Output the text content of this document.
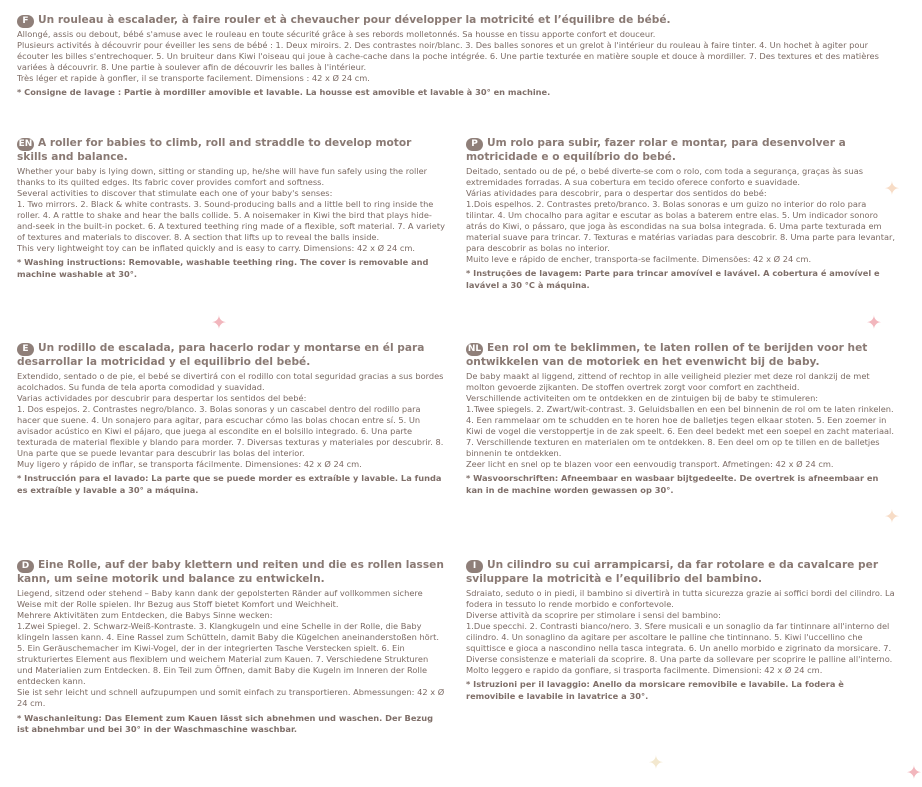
F Un rouleau à escalader, à faire rouler et à chevaucher pour développer la motricité et l’équilibre de bébé.

Allongé, assis ou debout, bébé s'amuse avec le rouleau en toute sécurité grâce à ses rebords molletonnés. Sa housse en tissu apporte confort et douceur.

Plusieurs activités à découvrir pour éveiller les sens de bébé : 1. Deux miroirs. 2. Des contrastes noir/blanc. 3. Des balles sonores et un grelot à l'intérieur du rouleau à faire tinter. 4. Un hochet à agiter pour écouter les billes s'entrechoquer. 5. Un bruiteur dans Kiwi l'oiseau qui joue à cache-cache dans la poche intégrée. 6. Une partie texturée en matière souple et douce à mordiller. 7. Des textures et des matières variées à découvrir. 8. Une partie à soulever afin de découvrir les balles à l'intérieur.

Très léger et rapide à gonfler, il se transporte facilement. Dimensions : 42 x Ø 24 cm.

* Consigne de lavage : Partie à mordiller amovible et lavable. La housse est amovible et lavable à 30° en machine.
EN A roller for babies to climb, roll and straddle to develop motor skills and balance.

Whether your baby is lying down, sitting or standing up, he/she will have fun safely using the roller thanks to its quilted edges. Its fabric cover provides comfort and softness.

Several activities to discover that stimulate each one of your baby's senses:

1. Two mirrors. 2. Black & white contrasts. 3. Sound-producing balls and a little bell to ring inside the roller. 4. A rattle to shake and hear the balls collide. 5. A noisemaker in Kiwi the bird that plays hide-and-seek in the built-in pocket. 6. A textured teething ring made of a flexible, soft material. 7. A variety of textures and materials to discover. 8. A section that lifts up to reveal the balls inside.

This very lightweight toy can be inflated quickly and is easy to carry. Dimensions: 42 x Ø 24 cm.

* Washing instructions: Removable, washable teething ring. The cover is removable and machine washable at 30°.
P Um rolo para subir, fazer rolar e montar, para desenvolver a motricidade e o equilíbrio do bebé.

Deitado, sentado ou de pé, o bebé diverte-se com o rolo, com toda a segurança, graças às suas extremidades forradas. A sua cobertura em tecido oferece conforto e suavidade.

Várias atividades para descobrir, para o despertar dos sentidos do bebé:

1.Dois espelhos. 2. Contrastes preto/branco. 3. Bolas sonoras e um guizo no interior do rolo para tilintar. 4. Um chocalho para agitar e escutar as bolas a baterem entre elas. 5. Um indicador sonoro atrás do Kiwi, o pássaro, que joga às escondidas na sua bolsa integrada. 6. Uma parte texturada em material suave para trincar. 7. Texturas e matérias variadas para descobrir. 8. Uma parte para levantar, para descobrir as bolas no interior.

Muito leve e rápido de encher, transporta-se facilmente. Dimensões: 42 x Ø 24 cm.

* Instruções de lavagem: Parte para trincar amovível e lavável. A cobertura é amovível e lavável a 30 °C à máquina.
E Un rodillo de escalada, para hacerlo rodar y montarse en él para desarrollar la motricidad y el equilibrio del bebé.

Extendido, sentado o de pie, el bebé se divertirá con el rodillo con total seguridad gracias a sus bordes acolchados. Su funda de tela aporta comodidad y suavidad.

Varias actividades por descubrir para despertar los sentidos del bebé:

1. Dos espejos. 2. Contrastes negro/blanco. 3. Bolas sonoras y un cascabel dentro del rodillo para hacer que suene. 4. Un sonajero para agitar, para escuchar cómo las bolas chocan entre sí. 5. Un avisador acústico en Kiwi el pájaro, que juega al escondite en el bolsillo integrado. 6. Una parte texturada de material flexible y blando para morder. 7. Diversas texturas y materiales por descubrir. 8. Una parte que se puede levantar para descubrir las bolas del interior.

Muy ligero y rápido de inflar, se transporta fácilmente. Dimensiones: 42 x Ø 24 cm.

* Instrucción para el lavado: La parte que se puede morder es extraíble y lavable. La funda es extraíble y lavable a 30° a máquina.
NL Een rol om te beklimmen, te laten rollen of te berijden voor het ontwikkelen van de motoriek en het evenwicht bij de baby.

De baby maakt al liggend, zittend of rechtop in alle veiligheid plezier met deze rol dankzij de met molton gevoerde zijkanten. De stoffen overtrek zorgt voor comfort en zachtheid.

Verschillende activiteiten om te ontdekken en de zintuigen bij de baby te stimuleren:

1.Twee spiegels. 2. Zwart/wit-contrast. 3. Geluidsballen en een bel binnenin de rol om te laten rinkelen. 4. Een rammelaar om te schudden en te horen hoe de balletjes tegen elkaar stoten. 5. Een zoemer in Kiwi de vogel die verstoppertje in de zak speelt. 6. Een deel bedekt met een soepel en zacht materiaal. 7. Verschillende texturen en materialen om te ontdekken. 8. Een deel om op te tillen en de balletjes binnenin te ontdekken.

Zeer licht en snel op te blazen voor een eenvoudig transport. Afmetingen: 42 x Ø 24 cm.

* Wasvoorschriften: Afneembaar en wasbaar bijtgedeelte. De overtrek is afneembaar en kan in de machine worden gewassen op 30°.
D Eine Rolle, auf der baby klettern und reiten und die es rollen lassen kann, um seine motorik und balance zu entwickeln.

Liegend, sitzend oder stehend – Baby kann dank der gepolsterten Ränder auf vollkommen sichere Weise mit der Rolle spielen. Ihr Bezug aus Stoff bietet Komfort und Weichheit.

Mehrere Aktivitäten zum Entdecken, die Babys Sinne wecken:

1.Zwei Spiegel. 2. Schwarz-Weiß-Kontraste. 3. Klangkugeln und eine Schelle in der Rolle, die Baby klingeln lassen kann. 4. Eine Rassel zum Schütteln, damit Baby die Kügelchen aneinanderstoßen hört. 5. Ein Geräuschemacher im Kiwi-Vogel, der in der integrierten Tasche Verstecken spielt. 6. Ein strukturiertes Element aus flexiblem und weichem Material zum Kauen. 7. Verschiedene Strukturen und Materialien zum Entdecken. 8. Ein Teil zum Öffnen, damit Baby die Kugeln im Inneren der Rolle entdecken kann.

Sie ist sehr leicht und schnell aufzupumpen und somit einfach zu transportieren. Abmessungen: 42 x Ø 24 cm.

* Waschanleitung: Das Element zum Kauen lässt sich abnehmen und waschen. Der Bezug ist abnehmbar und bei 30° in der Waschmaschine waschbar.
I Un cilindro su cui arrampicarsi, da far rotolare e da cavalcare per sviluppare la motricità e l’equilibrio del bambino.

Sdraiato, seduto o in piedi, il bambino si divertirà in tutta sicurezza grazie ai soffici bordi del cilindro. La fodera in tessuto lo rende morbido e confortevole.

Diverse attività da scoprire per stimolare i sensi del bambino:

1.Due specchi. 2. Contrasti bianco/nero. 3. Sfere musicali e un sonaglio da far tintinnare all'interno del cilindro. 4. Un sonaglino da agitare per ascoltare le palline che tintinnano. 5. Kiwi l'uccellino che squittisce e gioca a nascondino nella tasca integrata. 6. Un anello morbido e zigrinato da morsicare. 7. Diverse consistenze e materiali da scoprire. 8. Una parte da sollevare per scoprire le palline all'interno.

Molto leggero e rapido da gonfiare, si trasporta facilmente. Dimensioni: 42 x Ø 24 cm.

* Istruzioni per il lavaggio: Anello da morsicare removibile e lavabile. La fodera è removibile e lavabile in lavatrice a 30°.
✦
✦
✦
✦
✦	✦
